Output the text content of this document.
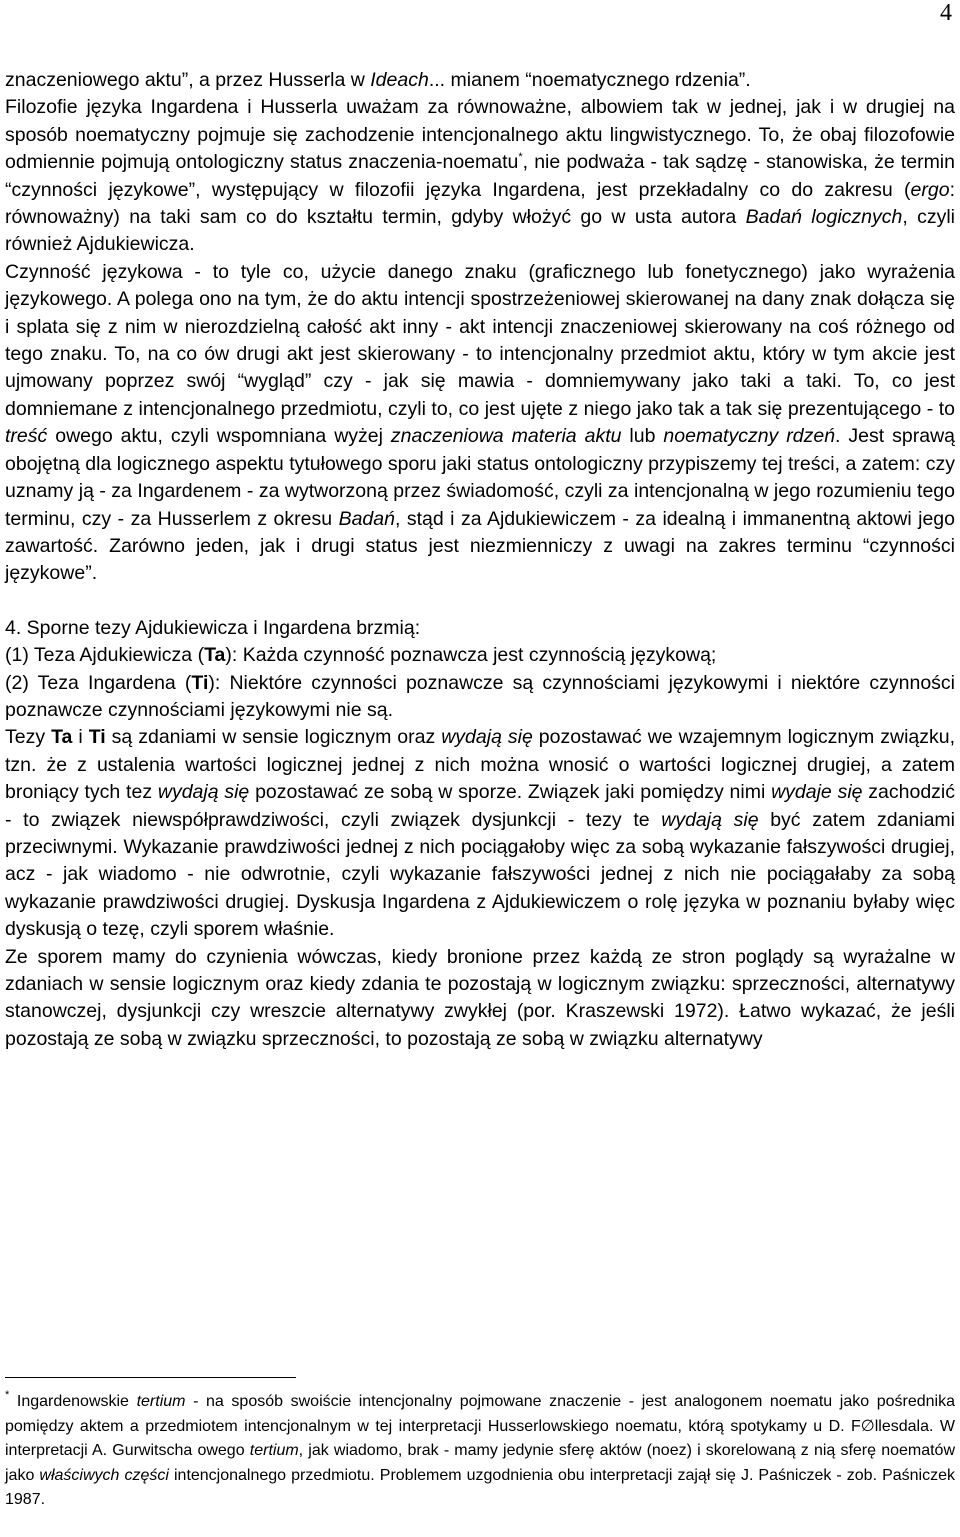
4

znaczeniowego aktu”, a przez Husserla w Ideach... mianem “noematycznego rdzenia”.

Filozofie języka Ingardena i Husserla uważam za równoważne, albowiem tak w jednej, jak i w drugiej na sposób noematyczny pojmuje się zachodzenie intencjonalnego aktu lingwistycznego. To, że obaj filozofowie odmiennie pojmują ontologiczny status znaczenia-noematu*, nie podważa - tak sądzę - stanowiska, że termin “czynności językowe”, występujący w filozofii języka Ingardena, jest przekładalny co do zakresu (ergo: równoważny) na taki sam co do kształtu termin, gdyby włożyć go w usta autora Badań logicznych, czyli również Ajdukiewicza.

Czynność językowa - to tyle co, użycie danego znaku (graficznego lub fonetycznego) jako wyrażenia językowego. A polega ono na tym, że do aktu intencji spostrzeżeniowej skierowanej na dany znak dołącza się i splata się z nim w nierozdzielną całość akt inny - akt intencji znaczeniowej skierowany na coś różnego od tego znaku. To, na co ów drugi akt jest skierowany - to intencjonalny przedmiot aktu, który w tym akcie jest ujmowany poprzez swój “wygląd” czy - jak się mawia - domniemywany jako taki a taki. To, co jest domniemane z intencjonalnego przedmiotu, czyli to, co jest ujęte z niego jako tak a tak się prezentującego - to treść owego aktu, czyli wspomniana wyżej znaczeniowa materia aktu lub noematyczny rdzeń. Jest sprawą obojętną dla logicznego aspektu tytułowego sporu jaki status ontologiczny przypiszemy tej treści, a zatem: czy uznamy ją - za Ingardenem - za wytworzoną przez świadomość, czyli za intencjonalną w jego rozumieniu tego terminu, czy - za Husserlem z okresu Badań, stąd i za Ajdukiewiczem - za idealną i immanentną aktowi jego zawartość. Zarówno jeden, jak i drugi status jest niezmienniczy z uwagi na zakres terminu “czynności językowe”.

4. Sporne tezy Ajdukiewicza i Ingardena brzmią:

(1) Teza Ajdukiewicza (Ta): Każda czynność poznawcza jest czynnością językową;

(2) Teza Ingardena (Ti): Niektóre czynności poznawcze są czynnościami językowymi i niektóre czynności poznawcze czynnościami językowymi nie są.

Tezy Ta i Ti są zdaniami w sensie logicznym oraz wydają się pozostawać we wzajemnym logicznym związku, tzn. że z ustalenia wartości logicznej jednej z nich można wnosić o wartości logicznej drugiej, a zatem broniący tych tez wydają się pozostawać ze sobą w sporze. Związek jaki pomiędzy nimi wydaje się zachodzić - to związek niewspółprawdziwości, czyli związek dysjunkcji - tezy te wydają się być zatem zdaniami przeciwnymi. Wykazanie prawdziwości jednej z nich pociągałoby więc za sobą wykazanie fałszywości drugiej, acz - jak wiadomo - nie odwrotnie, czyli wykazanie fałszywości jednej z nich nie pociągałaby za sobą wykazanie prawdziwości drugiej. Dyskusja Ingardena z Ajdukiewiczem o rolę języka w poznaniu byłaby więc dyskusją o tezę, czyli sporem właśnie.

Ze sporem mamy do czynienia wówczas, kiedy bronione przez każdą ze stron poglądy są wyrażalne w zdaniach w sensie logicznym oraz kiedy zdania te pozostają w logicznym związku: sprzeczności, alternatywy stanowczej, dysjunkcji czy wreszcie alternatywy zwykłej (por. Kraszewski 1972). Łatwo wykazać, że jeśli pozostają ze sobą w związku sprzeczności, to pozostają ze sobą w związku alternatywy

* Ingardenowskie tertium - na sposób swoiście intencjonalny pojmowane znaczenie - jest analogonem noematu jako pośrednika pomiędzy aktem a przedmiotem intencjonalnym w tej interpretacji Husserlowskiego noematu, którą spotykamy u D. F∅llesdala. W interpretacji A. Gurwitscha owego tertium, jak wiadomo, brak - mamy jedynie sferę aktów (noez) i skorelowaną z nią sferę noematów jako właściwych części intencjonalnego przedmiotu. Problemem uzgodnienia obu interpretacji zajął się J. Paśniczek - zob. Paśniczek 1987.
